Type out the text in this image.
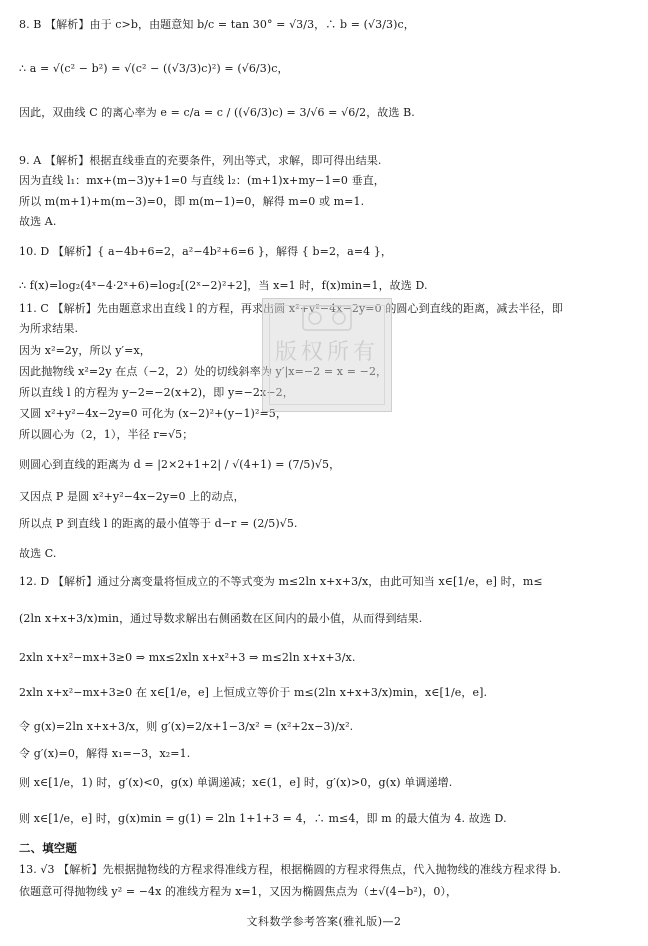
8. B 【解析】由于 c>b，由题意知 b/c = tan 30° = √3/3，∴ b = (√3/3)c，
∴ a = √(c² − b²) = √(c² − ((√3/3)c)²) = (√6/3)c，
因此，双曲线 C 的离心率为 e = c/a = c / ((√6/3)c) = 3/√6 = √6/2，故选 B.
9. A 【解析】根据直线垂直的充要条件，列出等式，求解，即可得出结果.
因为直线 l₁：mx+(m−3)y+1=0 与直线 l₂：(m+1)x+my−1=0 垂直，
所以 m(m+1)+m(m−3)=0，即 m(m−1)=0，解得 m=0 或 m=1.
故选 A.
10. D 【解析】{ a−4b+6=2，a²−4b²+6=6 }，解得 { b=2，a=4 }，
∴ f(x)=log₂(4ˣ−4·2ˣ+6)=log₂[(2ˣ−2)²+2]，当 x=1 时，f(x)min=1，故选 D.
11. C 【解析】先由题意求出直线 l 的方程，再求出圆 x²+y²−4x−2y=0 的圆心到直线的距离，减去半径，即
为所求结果.
因为 x²=2y，所以 y′=x，
因此抛物线 x²=2y 在点（−2，2）处的切线斜率为 y′|x=−2 = x = −2，
所以直线 l 的方程为 y−2=−2(x+2)，即 y=−2x−2，
又圆 x²+y²−4x−2y=0 可化为 (x−2)²+(y−1)²=5，
所以圆心为（2，1），半径 r=√5；
则圆心到直线的距离为 d = |2×2+1+2| / √(4+1) = (7/5)√5，
又因点 P 是圆 x²+y²−4x−2y=0 上的动点，
所以点 P 到直线 l 的距离的最小值等于 d−r = (2/5)√5.
故选 C.
12. D 【解析】通过分离变量将恒成立的不等式变为 m≤2ln x+x+3/x，由此可知当 x∈[1/e，e] 时，m≤
(2ln x+x+3/x)min，通过导数求解出右侧函数在区间内的最小值，从而得到结果.
2xln x+x²−mx+3≥0 ⇒ mx≤2xln x+x²+3 ⇒ m≤2ln x+x+3/x.
2xln x+x²−mx+3≥0 在 x∈[1/e，e] 上恒成立等价于 m≤(2ln x+x+3/x)min，x∈[1/e，e].
令 g(x)=2ln x+x+3/x，则 g′(x)=2/x+1−3/x² = (x²+2x−3)/x².
令 g′(x)=0，解得 x₁=−3，x₂=1.
则 x∈[1/e，1) 时，g′(x)<0，g(x) 单调递减；x∈(1，e] 时，g′(x)>0，g(x) 单调递增.
则 x∈[1/e，e] 时，g(x)min = g(1) = 2ln 1+1+3 = 4，∴ m≤4，即 m 的最大值为 4. 故选 D.
二、填空题
13. √3 【解析】先根据抛物线的方程求得准线方程，根据椭圆的方程求得焦点，代入抛物线的准线方程求得 b.
依题意可得抛物线 y² = −4x 的准线方程为 x=1，又因为椭圆焦点为（±√(4−b²)，0），
版权所有
文科数学参考答案(雅礼版)—2
